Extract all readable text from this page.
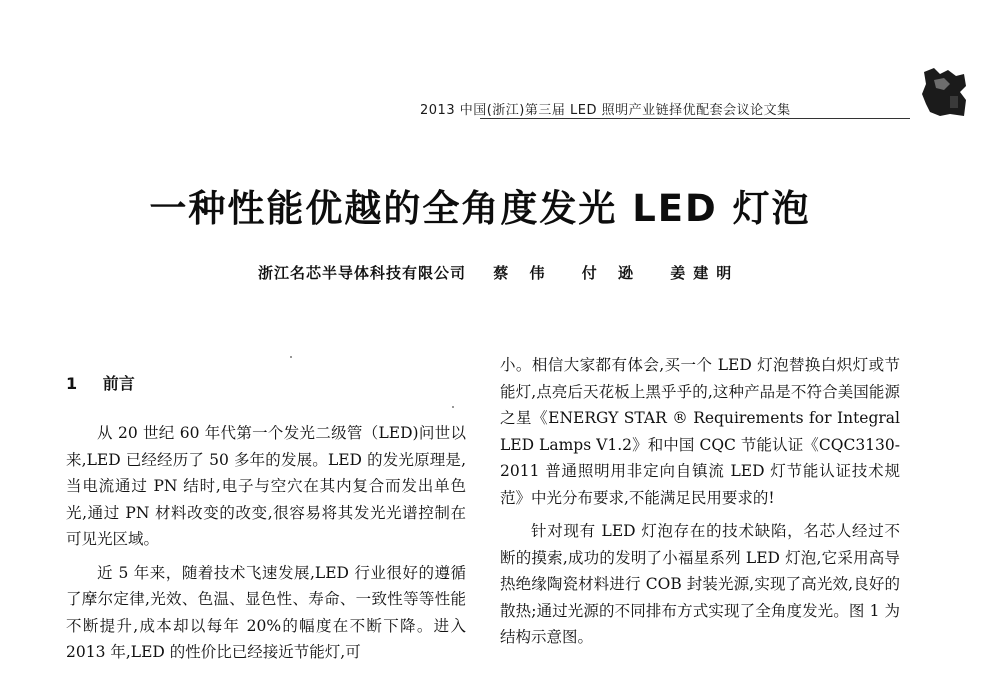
2013 中国(浙江)第三届 LED 照明产业链择优配套会议论文集
一种性能优越的全角度发光 LED 灯泡
浙江名芯半导体科技有限公司 蔡 伟 付 逊 姜建明
1 前言

从 20 世纪 60 年代第一个发光二级管（LED)问世以来,LED 已经经历了 50 多年的发展。LED 的发光原理是,当电流通过 PN 结时,电子与空穴在其内复合而发出单色光,通过 PN 材料改变的改变,很容易将其发光光谱控制在可见光区域。

近 5 年来，随着技术飞速发展,LED 行业很好的遵循了摩尔定律,光效、色温、显色性、寿命、一致性等等性能不断提升,成本却以每年 20%的幅度在不断下降。进入 2013 年,LED 的性价比已经接近节能灯,可

小。相信大家都有体会,买一个 LED 灯泡替换白炽灯或节能灯,点亮后天花板上黑乎乎的,这种产品是不符合美国能源之星《ENERGY STAR ® Requirements for Integral LED Lamps V1.2》和中国 CQC 节能认证《CQC3130-2011 普通照明用非定向自镇流 LED 灯节能认证技术规范》中光分布要求,不能满足民用要求的!

针对现有 LED 灯泡存在的技术缺陷，名芯人经过不断的摸索,成功的发明了小福星系列 LED 灯泡,它采用高导热绝缘陶瓷材料进行 COB 封装光源,实现了高光效,良好的散热;通过光源的不同排布方式实现了全角度发光。图 1 为结构示意图。
